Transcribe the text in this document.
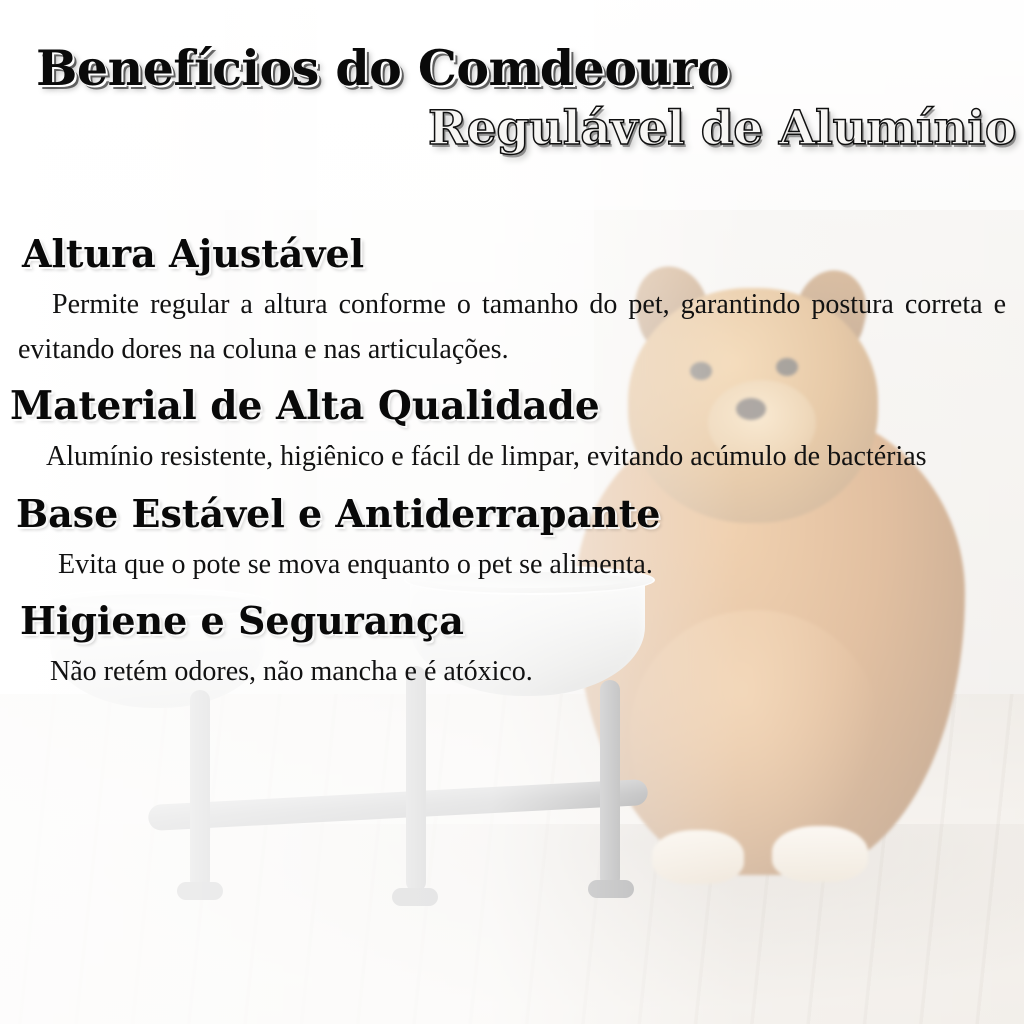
Benefícios do Comdeouro
Regulável de Alumínio
Altura Ajustável

Permite regular a altura conforme o tamanho do pet, garantindo postura correta e evitando dores na coluna e nas articulações.

Material de Alta Qualidade

Alumínio resistente, higiênico e fácil de limpar, evitando acúmulo de bactérias

Base Estável e Antiderrapante

Evita que o pote se mova enquanto o pet se alimenta.

Higiene e Segurança

Não retém odores, não mancha e é atóxico.
